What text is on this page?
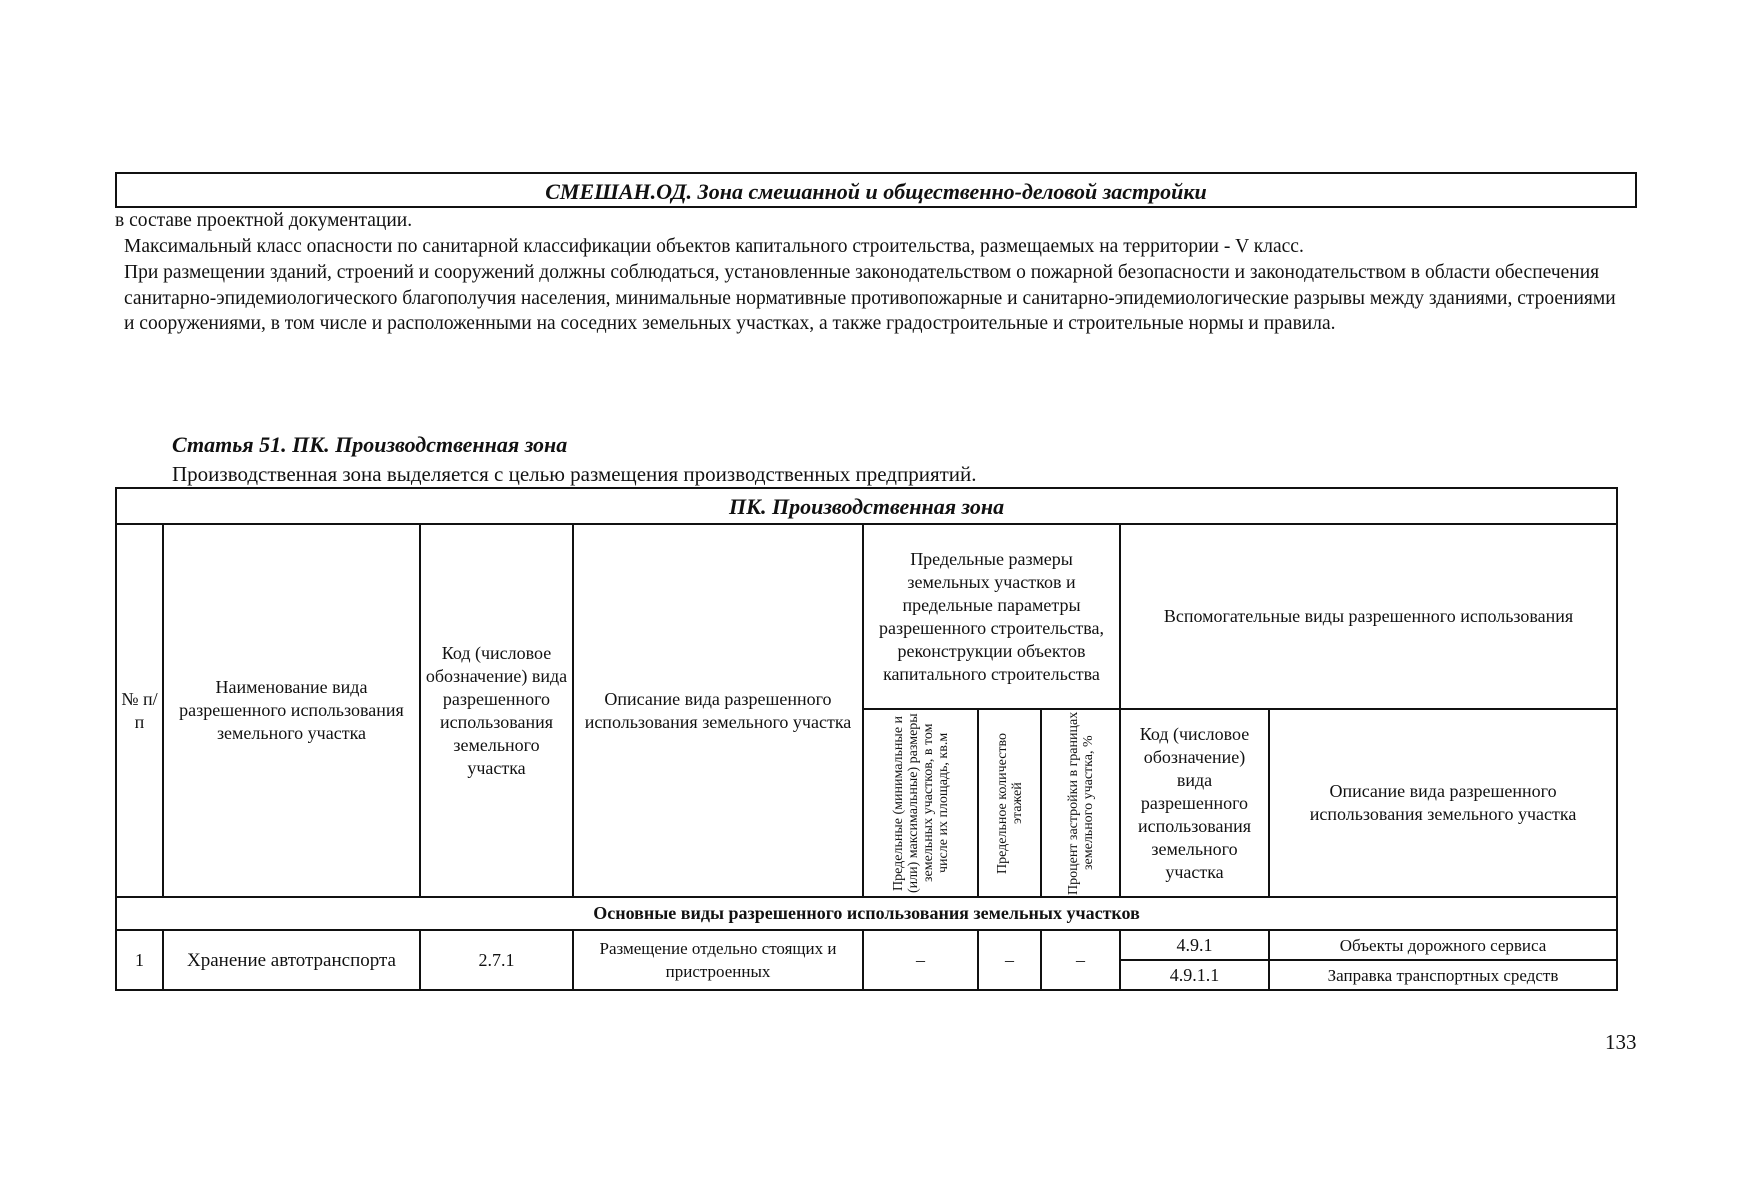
СМЕШАН.ОД. Зона смешанной и общественно-деловой застройки
в составе проектной документации.
Максимальный класс опасности по санитарной классификации объектов капитального строительства, размещаемых на территории - V класс.
При размещении зданий, строений и сооружений должны соблюдаться, установленные законодательством о пожарной безопасности и законодательством в области обеспечения санитарно-эпидемиологического благополучия населения, минимальные нормативные противопожарные и санитарно-эпидемиологические разрывы между зданиями, строениями и сооружениями, в том числе и расположенными на соседних земельных участках, а также градостроительные и строительные нормы и правила.
Статья 51. ПК. Производственная зона
Производственная зона выделяется с целью размещения производственных предприятий.
ПК. Производственная зона								
№ п/п	Наименование вида разрешенного использования земельного участка	Код (числовое обозначение) вида разрешенного использования земельного участка	Описание вида разрешенного использования земельного участка	Предельные размеры земельных участков и предельные параметры разрешенного строительства, реконструкции объектов капитального строительства			Вспомогательные виды разрешенного использования	

				Предельные (минимальные и (или) максимальные) размеры земельных участков, в том числе их площадь, кв.м	Предельное количество этажей	Процент застройки в границах земельного участка, %	Код (числовое обозначение) вида разрешенного использования земельного участка	Описание вида разрешенного использования земельного участка
Основные виды разрешенного использования земельных участков								
1	Хранение автотранспорта	2.7.1	Размещение отдельно стоящих и пристроенных	–	–	–	4.9.1	Объекты дорожного сервиса
							4.9.1.1	Заправка транспортных средств
133
